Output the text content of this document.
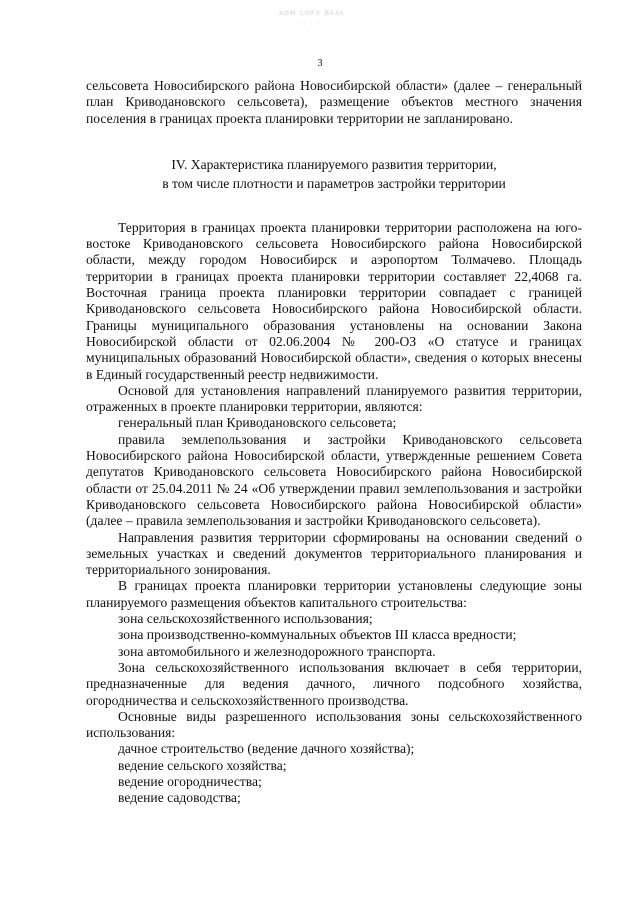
ᴀᴅᴍ ᴄᴏᴘʏ ꜱᴇᴀʟ
· · · · ·
3

сельсовета Новосибирского района Новосибирской области» (далее – генеральный план Криводановского сельсовета), размещение объектов местного значения поселения в границах проекта планировки территории не запланировано.

IV. Характеристика планируемого развития территории,
в том числе плотности и параметров застройки территории

Территория в границах проекта планировки территории расположена на юго-востоке Криводановского сельсовета Новосибирского района Новосибирской области, между городом Новосибирск и аэропортом Толмачево. Площадь территории в границах проекта планировки территории составляет 22,4068 га. Восточная граница проекта планировки территории совпадает с границей Криводановского сельсовета Новосибирского района Новосибирской области. Границы муниципального образования установлены на основании Закона Новосибирской области от 02.06.2004 № 200-ОЗ «О статусе и границах муниципальных образований Новосибирской области», сведения о которых внесены в Единый государственный реестр недвижимости.

Основой для установления направлений планируемого развития территории, отраженных в проекте планировки территории, являются:

генеральный план Криводановского сельсовета;

правила землепользования и застройки Криводановского сельсовета Новосибирского района Новосибирской области, утвержденные решением Совета депутатов Криводановского сельсовета Новосибирского района Новосибирской области от 25.04.2011 № 24 «Об утверждении правил землепользования и застройки Криводановского сельсовета Новосибирского района Новосибирской области» (далее – правила землепользования и застройки Криводановского сельсовета).

Направления развития территории сформированы на основании сведений о земельных участках и сведений документов территориального планирования и территориального зонирования.

В границах проекта планировки территории установлены следующие зоны планируемого размещения объектов капитального строительства:

зона сельскохозяйственного использования;

зона производственно-коммунальных объектов III класса вредности;

зона автомобильного и железнодорожного транспорта.

Зона сельскохозяйственного использования включает в себя территории, предназначенные для ведения дачного, личного подсобного хозяйства, огородничества и сельскохозяйственного производства.

Основные виды разрешенного использования зоны сельскохозяйственного использования:

дачное строительство (ведение дачного хозяйства);

ведение сельского хозяйства;

ведение огородничества;

ведение садоводства;
